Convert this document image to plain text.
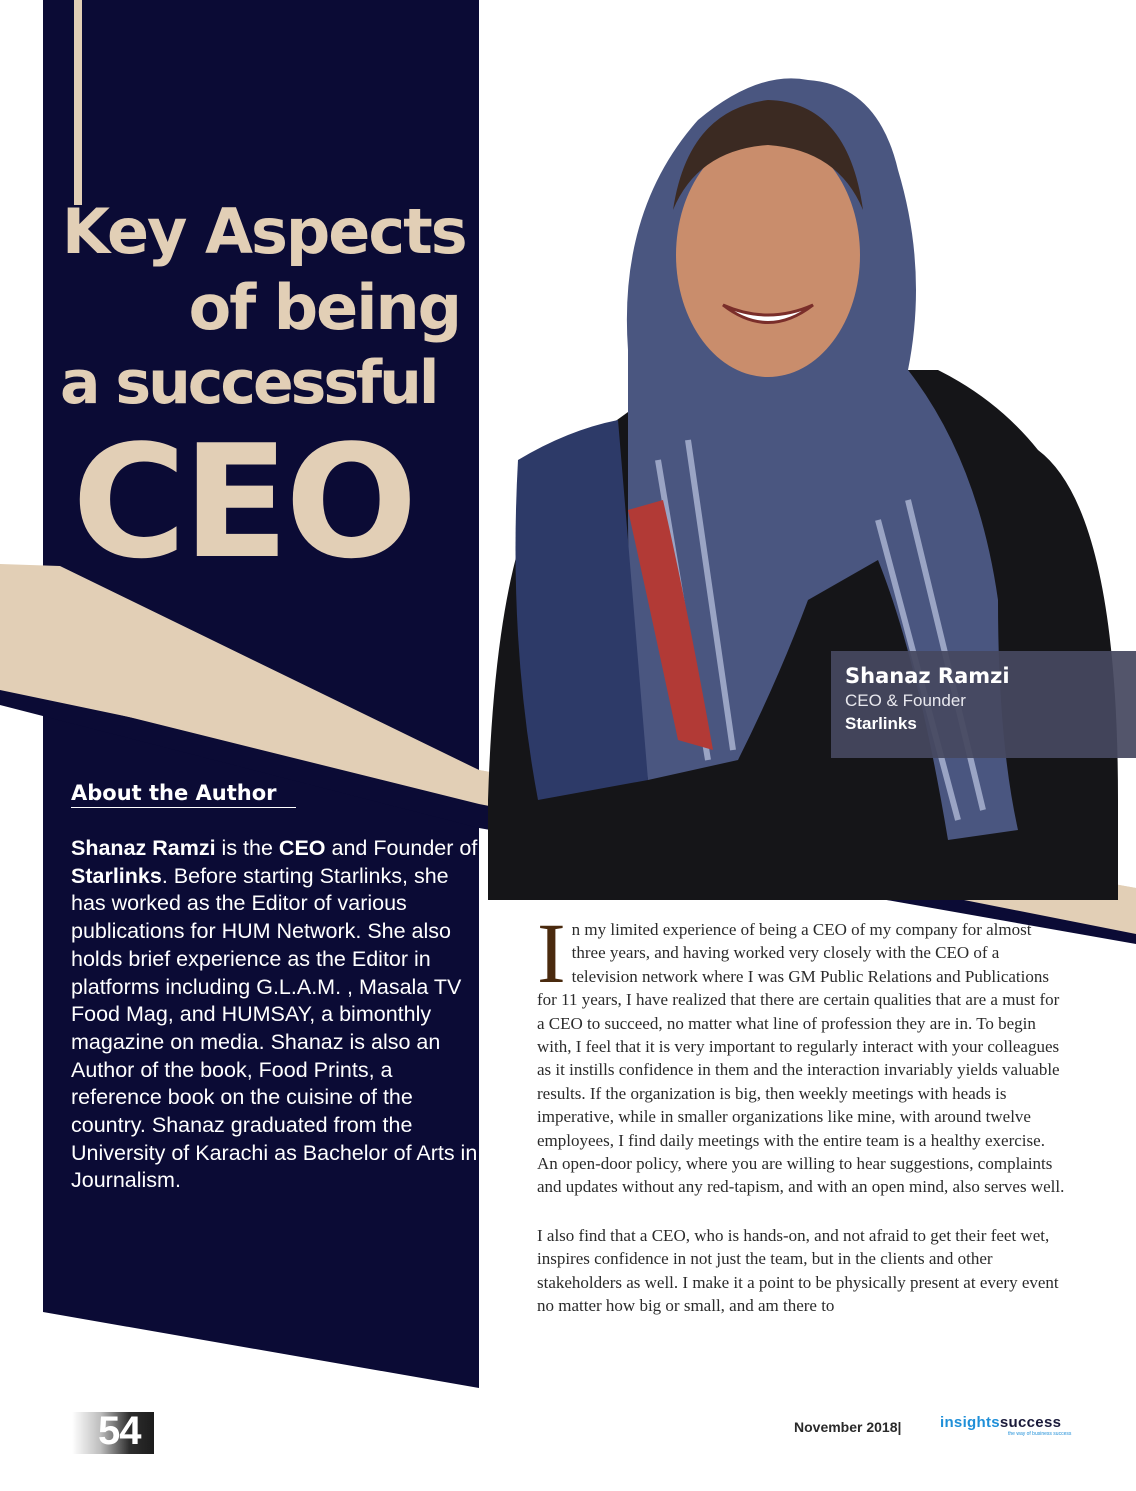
Key Aspects
of being
a successful
CEO
Shanaz Ramzi
CEO & Founder
Starlinks
About the Author
Shanaz Ramzi is the CEO and Founder of Starlinks. Before starting Starlinks, she has worked as the Editor of various publications for HUM Network. She also holds brief experience as the Editor in platforms including G.L.A.M. , Masala TV Food Mag, and HUMSAY, a bimonthly magazine on media. Shanaz is also an Author of the book, Food Prints, a reference book on the cuisine of the country. Shanaz graduated from the University of Karachi as Bachelor of Arts in Journalism.

In my limited experience of being a CEO of my company for almost three years, and having worked very closely with the CEO of a television network where I was GM Public Relations and Publications for 11 years, I have realized that there are certain qualities that are a must for a CEO to succeed, no matter what line of profession they are in. To begin with, I feel that it is very important to regularly interact with your colleagues as it instills confidence in them and the interaction invariably yields valuable results. If the organization is big, then weekly meetings with heads is imperative, while in smaller organizations like mine, with around twelve employees, I find daily meetings with the entire team is a healthy exercise. An open-door policy, where you are willing to hear suggestions, complaints and updates without any red-tapism, and with an open mind, also serves well.

I also find that a CEO, who is hands-on, and not afraid to get their feet wet, inspires confidence in not just the team, but in the clients and other stakeholders as well. I make it a point to be physically present at every event no matter how big or small, and am there to

54	November 2018|	insightssuccess
the way of business success
